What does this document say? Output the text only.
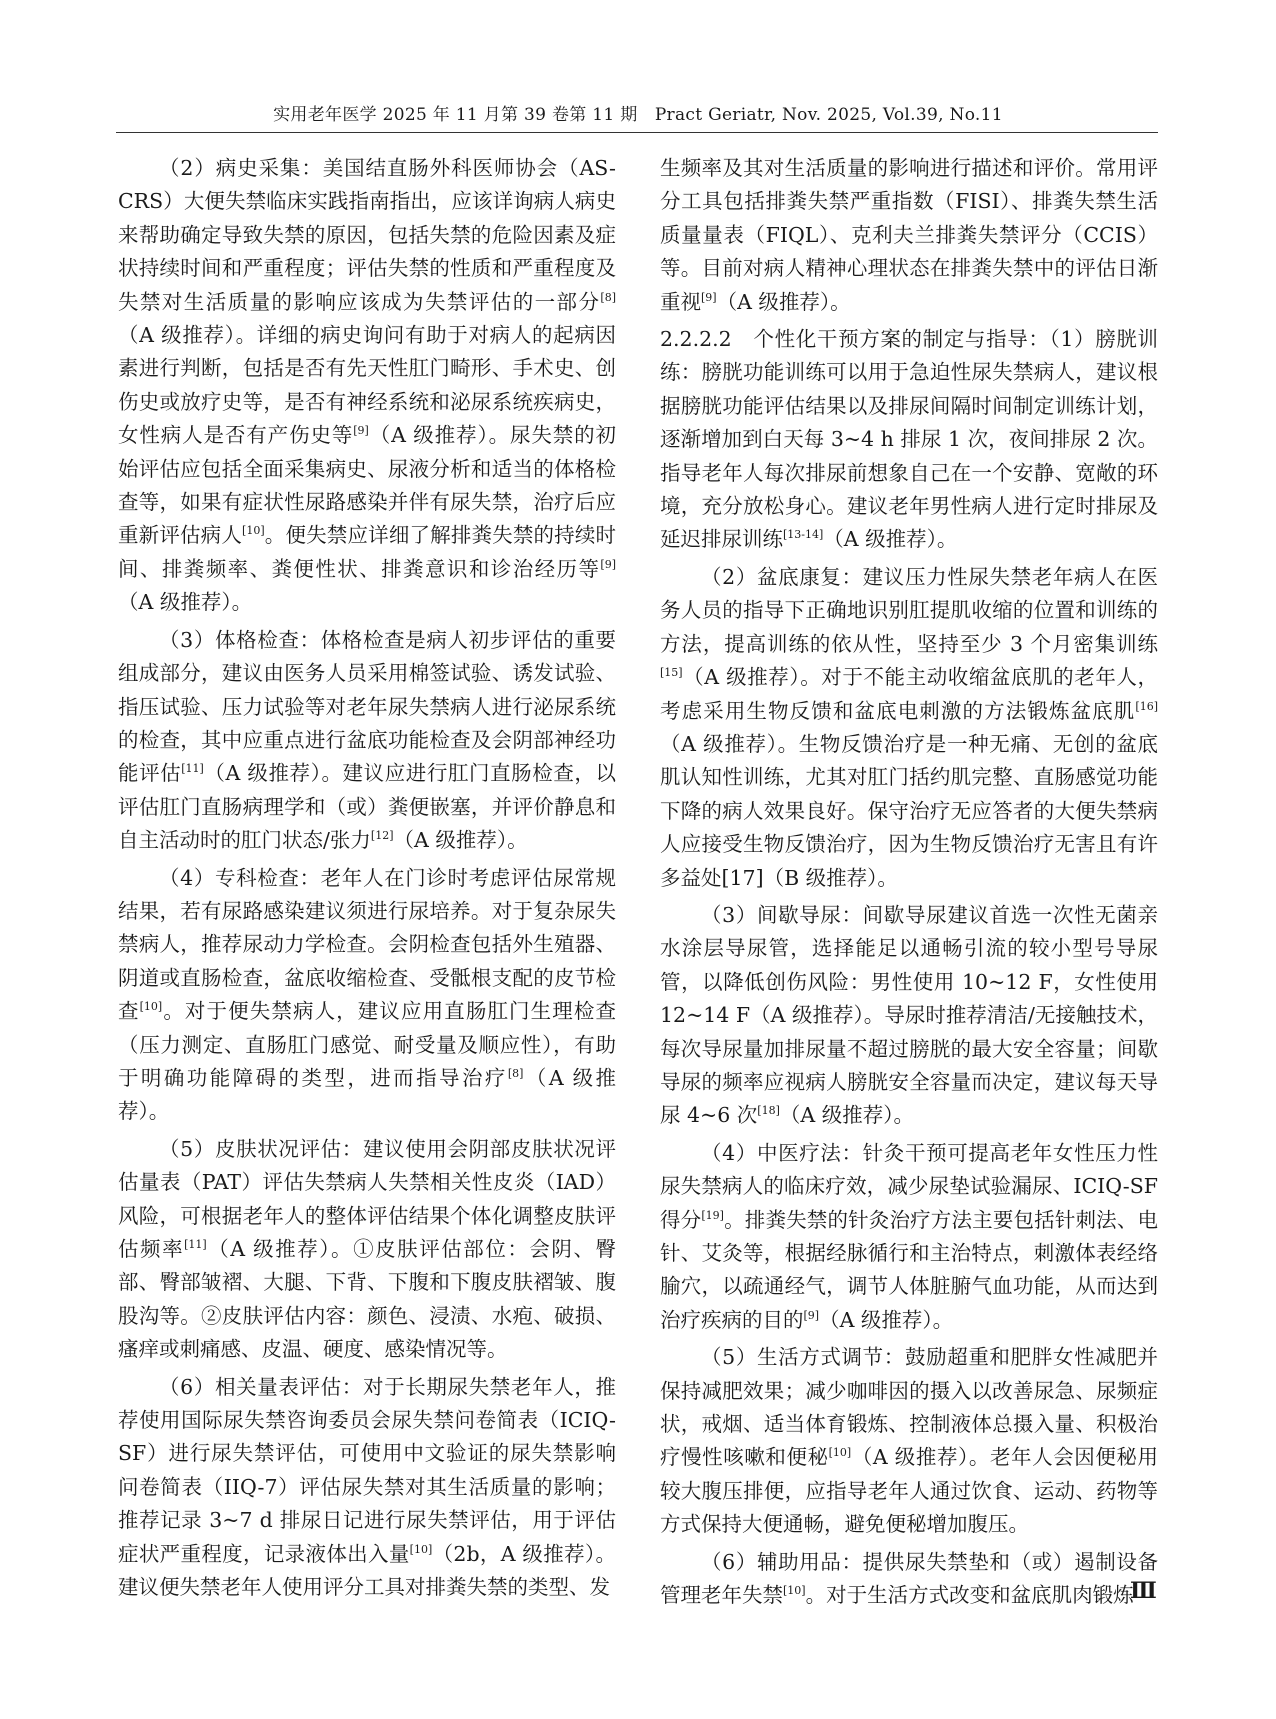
实用老年医学 2025 年 11 月第 39 卷第 11 期　Pract Geriatr, Nov. 2025, Vol.39, No.11

（2）病史采集：美国结直肠外科医师协会（AS-CRS）大便失禁临床实践指南指出，应该详询病人病史来帮助确定导致失禁的原因，包括失禁的危险因素及症状持续时间和严重程度；评估失禁的性质和严重程度及失禁对生活质量的影响应该成为失禁评估的一部分[8]（A 级推荐）。详细的病史询问有助于对病人的起病因素进行判断，包括是否有先天性肛门畸形、手术史、创伤史或放疗史等，是否有神经系统和泌尿系统疾病史，女性病人是否有产伤史等[9]（A 级推荐）。尿失禁的初始评估应包括全面采集病史、尿液分析和适当的体格检查等，如果有症状性尿路感染并伴有尿失禁，治疗后应重新评估病人[10]。便失禁应详细了解排粪失禁的持续时间、排粪频率、粪便性状、排粪意识和诊治经历等[9]（A 级推荐）。

（3）体格检查：体格检查是病人初步评估的重要组成部分，建议由医务人员采用棉签试验、诱发试验、指压试验、压力试验等对老年尿失禁病人进行泌尿系统的检查，其中应重点进行盆底功能检查及会阴部神经功能评估[11]（A 级推荐）。建议应进行肛门直肠检查，以评估肛门直肠病理学和（或）粪便嵌塞，并评价静息和自主活动时的肛门状态/张力[12]（A 级推荐）。

（4）专科检查：老年人在门诊时考虑评估尿常规结果，若有尿路感染建议须进行尿培养。对于复杂尿失禁病人，推荐尿动力学检查。会阴检查包括外生殖器、阴道或直肠检查，盆底收缩检查、受骶根支配的皮节检查[10]。对于便失禁病人，建议应用直肠肛门生理检查（压力测定、直肠肛门感觉、耐受量及顺应性），有助于明确功能障碍的类型，进而指导治疗[8]（A 级推荐）。

（5）皮肤状况评估：建议使用会阴部皮肤状况评估量表（PAT）评估失禁病人失禁相关性皮炎（IAD）风险，可根据老年人的整体评估结果个体化调整皮肤评估频率[11]（A 级推荐）。①皮肤评估部位：会阴、臀部、臀部皱褶、大腿、下背、下腹和下腹皮肤褶皱、腹股沟等。②皮肤评估内容：颜色、浸渍、水疱、破损、瘙痒或刺痛感、皮温、硬度、感染情况等。

（6）相关量表评估：对于长期尿失禁老年人，推荐使用国际尿失禁咨询委员会尿失禁问卷简表（ICIQ-SF）进行尿失禁评估，可使用中文验证的尿失禁影响问卷简表（IIQ-7）评估尿失禁对其生活质量的影响；推荐记录 3~7 d 排尿日记进行尿失禁评估，用于评估症状严重程度，记录液体出入量[10]（2b，A 级推荐）。建议便失禁老年人使用评分工具对排粪失禁的类型、发

生频率及其对生活质量的影响进行描述和评价。常用评分工具包括排粪失禁严重指数（FISI）、排粪失禁生活质量量表（FIQL）、克利夫兰排粪失禁评分（CCIS）等。目前对病人精神心理状态在排粪失禁中的评估日渐重视[9]（A 级推荐）。

2.2.2.2　个性化干预方案的制定与指导：（1）膀胱训练：膀胱功能训练可以用于急迫性尿失禁病人，建议根据膀胱功能评估结果以及排尿间隔时间制定训练计划，逐渐增加到白天每 3~4 h 排尿 1 次，夜间排尿 2 次。指导老年人每次排尿前想象自己在一个安静、宽敞的环境，充分放松身心。建议老年男性病人进行定时排尿及延迟排尿训练[13-14]（A 级推荐）。

（2）盆底康复：建议压力性尿失禁老年病人在医务人员的指导下正确地识别肛提肌收缩的位置和训练的方法，提高训练的依从性，坚持至少 3 个月密集训练[15]（A 级推荐）。对于不能主动收缩盆底肌的老年人，考虑采用生物反馈和盆底电刺激的方法锻炼盆底肌[16]（A 级推荐）。生物反馈治疗是一种无痛、无创的盆底肌认知性训练，尤其对肛门括约肌完整、直肠感觉功能下降的病人效果良好。保守治疗无应答者的大便失禁病人应接受生物反馈治疗，因为生物反馈治疗无害且有许多益处[17]（B 级推荐）。

（3）间歇导尿：间歇导尿建议首选一次性无菌亲水涂层导尿管，选择能足以通畅引流的较小型号导尿管，以降低创伤风险：男性使用 10~12 F，女性使用 12~14 F（A 级推荐）。导尿时推荐清洁/无接触技术，每次导尿量加排尿量不超过膀胱的最大安全容量；间歇导尿的频率应视病人膀胱安全容量而决定，建议每天导尿 4~6 次[18]（A 级推荐）。

（4）中医疗法：针灸干预可提高老年女性压力性尿失禁病人的临床疗效，减少尿垫试验漏尿、ICIQ-SF 得分[19]。排粪失禁的针灸治疗方法主要包括针刺法、电针、艾灸等，根据经脉循行和主治特点，刺激体表经络腧穴，以疏通经气，调节人体脏腑气血功能，从而达到治疗疾病的目的[9]（A 级推荐）。

（5）生活方式调节：鼓励超重和肥胖女性减肥并保持减肥效果；减少咖啡因的摄入以改善尿急、尿频症状，戒烟、适当体育锻炼、控制液体总摄入量、积极治疗慢性咳嗽和便秘[10]（A 级推荐）。老年人会因便秘用较大腹压排便，应指导老年人通过饮食、运动、药物等方式保持大便通畅，避免便秘增加腹压。

（6）辅助用品：提供尿失禁垫和（或）遏制设备管理老年失禁[10]。对于生活方式改变和盆底肌肉锻炼

Ⅲ
